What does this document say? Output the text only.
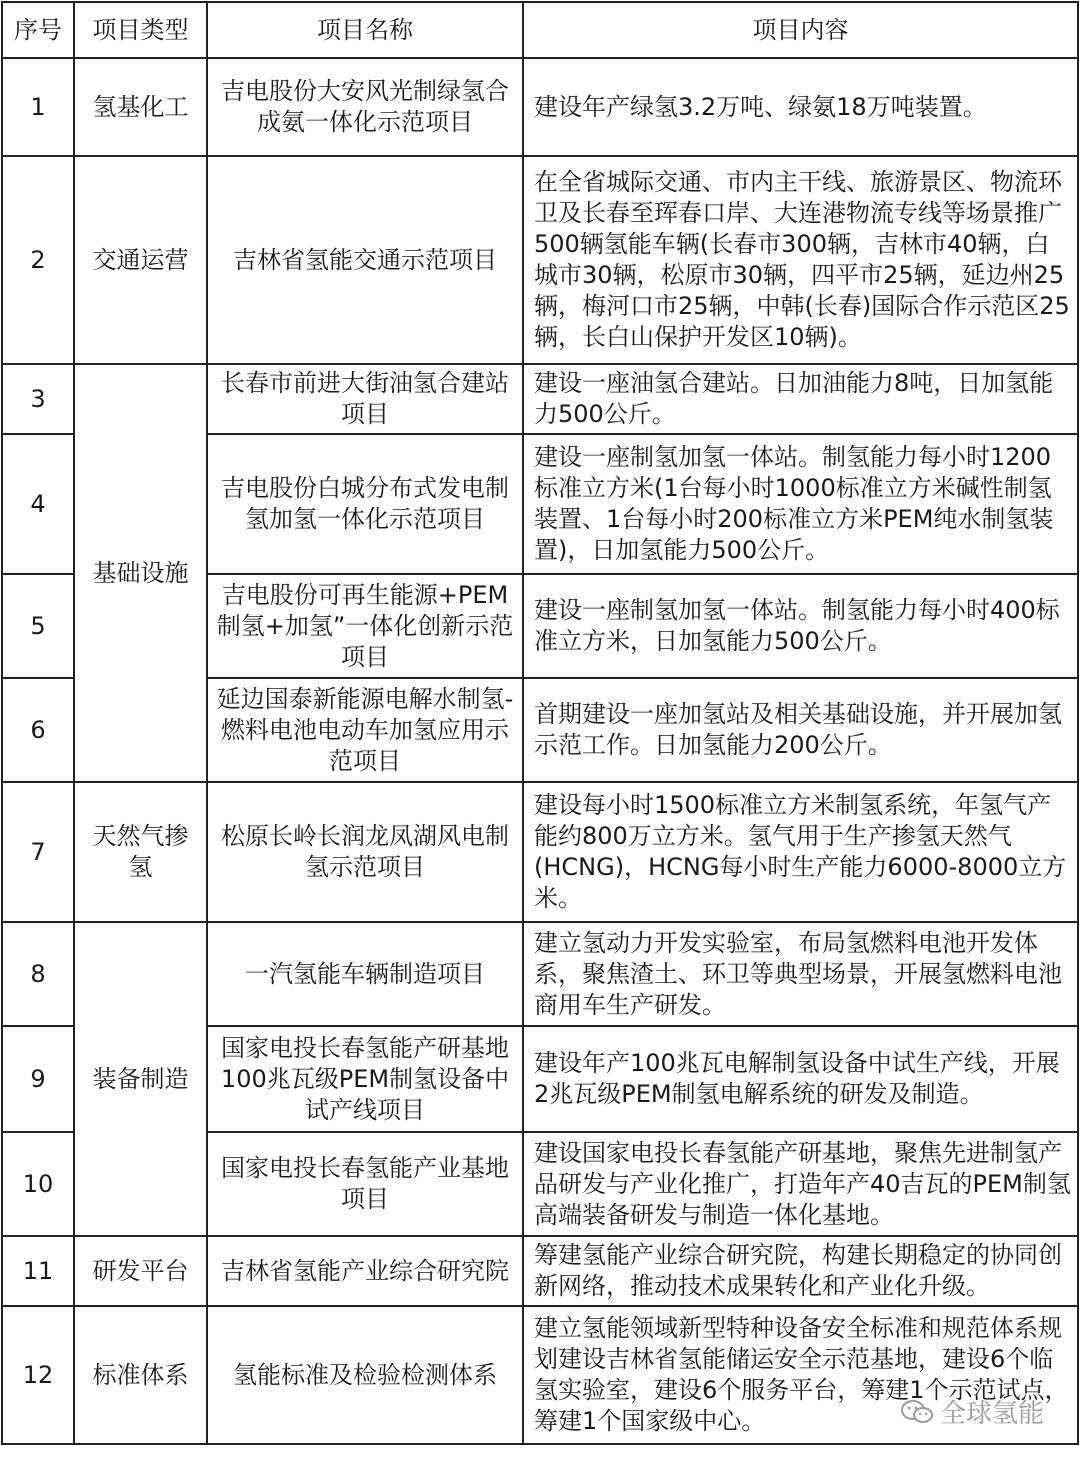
序号	项目类型	项目名称	项目内容
1	氢基化工	吉电股份大安风光制绿氢合成氨一体化示范项目	建设年产绿氢3.2万吨、绿氨18万吨装置。
2	交通运营	吉林省氢能交通示范项目	在全省城际交通、市内主干线、旅游景区、物流环卫及长春至珲春口岸、大连港物流专线等场景推广500辆氢能车辆(长春市300辆，吉林市40辆，白城市30辆，松原市30辆，四平市25辆，延边州25辆，梅河口市25辆，中韩(长春)国际合作示范区25辆，长白山保护开发区10辆)。
3	基础设施	长春市前进大街油氢合建站项目	建设一座油氢合建站。日加油能力8吨，日加氢能力500公斤。
4		吉电股份白城分布式发电制氢加氢一体化示范项目	建设一座制氢加氢一体站。制氢能力每小时1200标准立方米(1台每小时1000标准立方米碱性制氢装置、1台每小时200标准立方米PEM纯水制氢装置)，日加氢能力500公斤。
5		吉电股份可再生能源+PEM制氢+加氢”一体化创新示范项目	建设一座制氢加氢一体站。制氢能力每小时400标准立方米，日加氢能力500公斤。
6		延边国泰新能源电解水制氢-燃料电池电动车加氢应用示范项目	首期建设一座加氢站及相关基础设施，并开展加氢示范工作。日加氢能力200公斤。
7	天然气掺氢	松原长岭长润龙凤湖风电制氢示范项目	建设每小时1500标准立方米制氢系统，年氢气产能约800万立方米。氢气用于生产掺氢天然气(HCNG)，HCNG每小时生产能力6000-8000立方米。
8	装备制造	一汽氢能车辆制造项目	建立氢动力开发实验室，布局氢燃料电池开发体系，聚焦渣土、环卫等典型场景，开展氢燃料电池商用车生产研发。
9		国家电投长春氢能产研基地100兆瓦级PEM制氢设备中试产线项目	建设年产100兆瓦电解制氢设备中试生产线，开展2兆瓦级PEM制氢电解系统的研发及制造。
10		国家电投长春氢能产业基地项目	建设国家电投长春氢能产研基地，聚焦先进制氢产品研发与产业化推广，打造年产40吉瓦的PEM制氢高端装备研发与制造一体化基地。
11	研发平台	吉林省氢能产业综合研究院	筹建氢能产业综合研究院，构建长期稳定的协同创新网络，推动技术成果转化和产业化升级。
12	标准体系	氢能标准及检验检测体系	建立氢能领域新型特种设备安全标准和规范体系规划建设吉林省氢能储运安全示范基地，建设6个临氢实验室，建设6个服务平台，筹建1个示范试点，筹建1个国家级中心。	全球氢能
